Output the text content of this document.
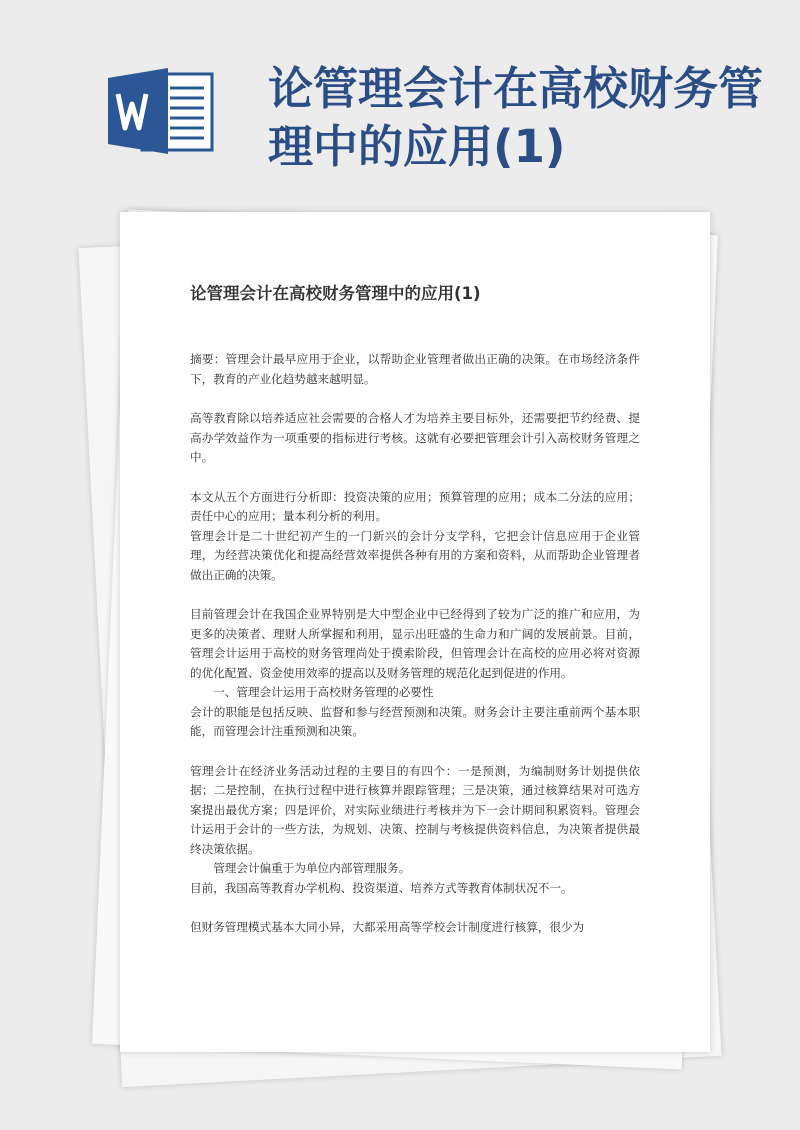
论管理会计在高校财务管理中的应用(1)
论管理会计在高校财务管理中的应用(1)

摘要：管理会计最早应用于企业，以帮助企业管理者做出正确的决策。在市场经济条件下，教育的产业化趋势越来越明显。

高等教育除以培养适应社会需要的合格人才为培养主要目标外，还需要把节约经费、提高办学效益作为一项重要的指标进行考核。这就有必要把管理会计引入高校财务管理之中。

本文从五个方面进行分析即：投资决策的应用；预算管理的应用；成本二分法的应用；责任中心的应用；量本利分析的利用。

管理会计是二十世纪初产生的一门新兴的会计分支学科，它把会计信息应用于企业管理，为经营决策优化和提高经营效率提供各种有用的方案和资料，从而帮助企业管理者做出正确的决策。

目前管理会计在我国企业界特别是大中型企业中已经得到了较为广泛的推广和应用，为更多的决策者、理财人所掌握和利用，显示出旺盛的生命力和广阔的发展前景。目前，管理会计运用于高校的财务管理尚处于摸索阶段，但管理会计在高校的应用必将对资源的优化配置、资金使用效率的提高以及财务管理的规范化起到促进的作用。

一、管理会计运用于高校财务管理的必要性

会计的职能是包括反映、监督和参与经营预测和决策。财务会计主要注重前两个基本职能，而管理会计注重预测和决策。

管理会计在经济业务活动过程的主要目的有四个：一是预测，为编制财务计划提供依据；二是控制，在执行过程中进行核算并跟踪管理；三是决策，通过核算结果对可选方案提出最优方案；四是评价，对实际业绩进行考核并为下一会计期间积累资料。管理会计运用于会计的一些方法，为规划、决策、控制与考核提供资料信息，为决策者提供最终决策依据。

管理会计偏重于为单位内部管理服务。

目前，我国高等教育办学机构、投资渠道、培养方式等教育体制状况不一。

但财务管理模式基本大同小异，大都采用高等学校会计制度进行核算，很少为
